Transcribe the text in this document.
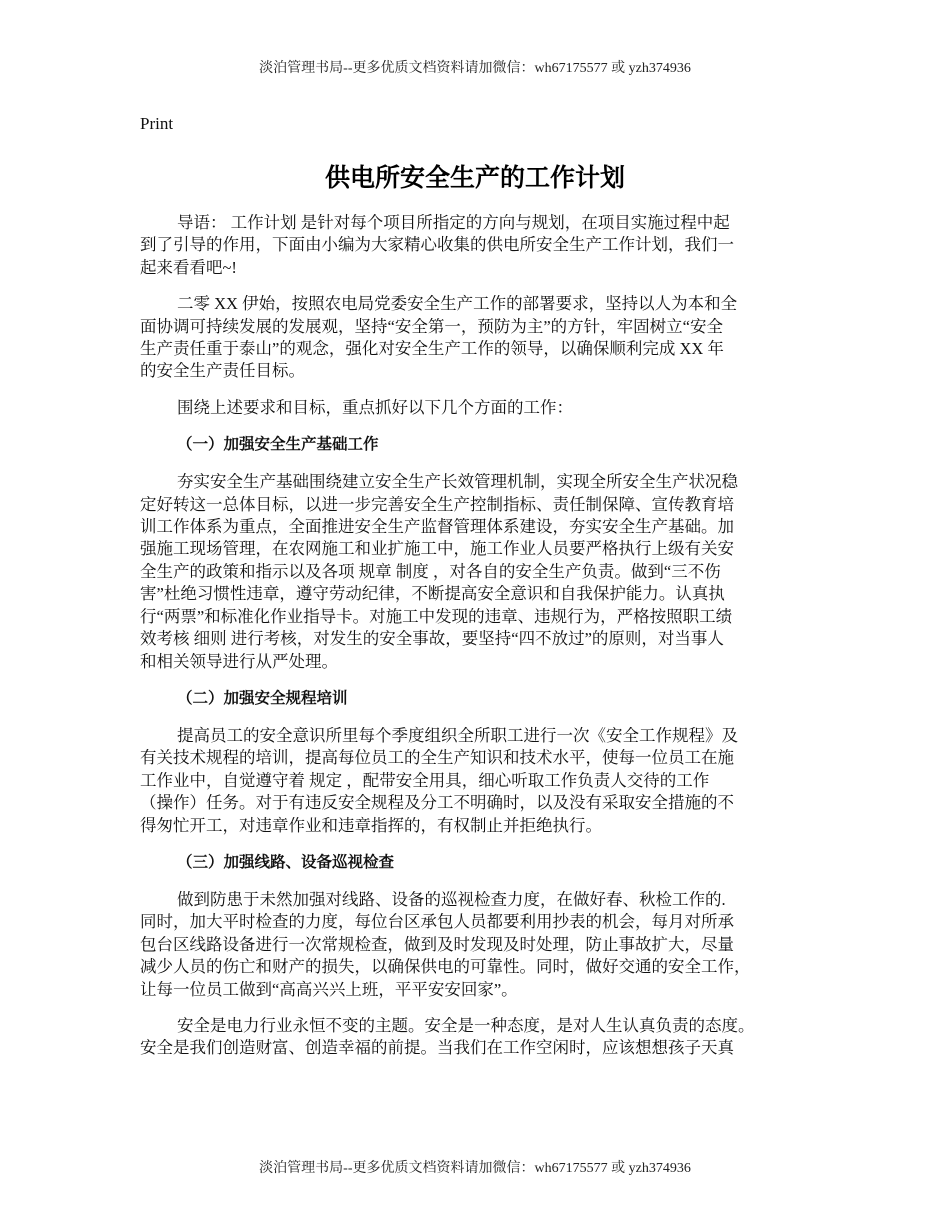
淡泊管理书局--更多优质文档资料请加微信：wh67175577 或 yzh374936
Print
供电所安全生产的工作计划
导语： 工作计划 是针对每个项目所指定的方向与规划，在项目实施过程中起
到了引导的作用，下面由小编为大家精心收集的供电所安全生产工作计划，我们一
起来看看吧~!
二零 XX 伊始，按照农电局党委安全生产工作的部署要求，坚持以人为本和全
面协调可持续发展的发展观，坚持“安全第一，预防为主”的方针，牢固树立“安全
生产责任重于泰山”的观念，强化对安全生产工作的领导，以确保顺利完成 XX 年
的安全生产责任目标。
围绕上述要求和目标，重点抓好以下几个方面的工作：
（一）加强安全生产基础工作
夯实安全生产基础围绕建立安全生产长效管理机制，实现全所安全生产状况稳
定好转这一总体目标，以进一步完善安全生产控制指标、责任制保障、宣传教育培
训工作体系为重点，全面推进安全生产监督管理体系建设，夯实安全生产基础。加
强施工现场管理，在农网施工和业扩施工中，施工作业人员要严格执行上级有关安
全生产的政策和指示以及各项 规章 制度 ，对各自的安全生产负责。做到“三不伤
害”杜绝习惯性违章，遵守劳动纪律，不断提高安全意识和自我保护能力。认真执
行“两票”和标准化作业指导卡。对施工中发现的违章、违规行为，严格按照职工绩
效考核 细则 进行考核，对发生的安全事故，要坚持“四不放过”的原则，对当事人
和相关领导进行从严处理。
（二）加强安全规程培训
提高员工的安全意识所里每个季度组织全所职工进行一次《安全工作规程》及
有关技术规程的培训，提高每位员工的全生产知识和技术水平，使每一位员工在施
工作业中，自觉遵守着 规定 ，配带安全用具，细心听取工作负责人交待的工作
（操作）任务。对于有违反安全规程及分工不明确时，以及没有采取安全措施的不
得匆忙开工，对违章作业和违章指挥的，有权制止并拒绝执行。
（三）加强线路、设备巡视检查
做到防患于未然加强对线路、设备的巡视检查力度，在做好春、秋检工作的.
同时，加大平时检查的力度，每位台区承包人员都要利用抄表的机会，每月对所承
包台区线路设备进行一次常规检查，做到及时发现及时处理，防止事故扩大，尽量
减少人员的伤亡和财产的损失，以确保供电的可靠性。同时，做好交通的安全工作，
让每一位员工做到“高高兴兴上班，平平安安回家”。
安全是电力行业永恒不变的主题。安全是一种态度，是对人生认真负责的态度。
安全是我们创造财富、创造幸福的前提。当我们在工作空闲时，应该想想孩子天真
淡泊管理书局--更多优质文档资料请加微信：wh67175577 或 yzh374936
